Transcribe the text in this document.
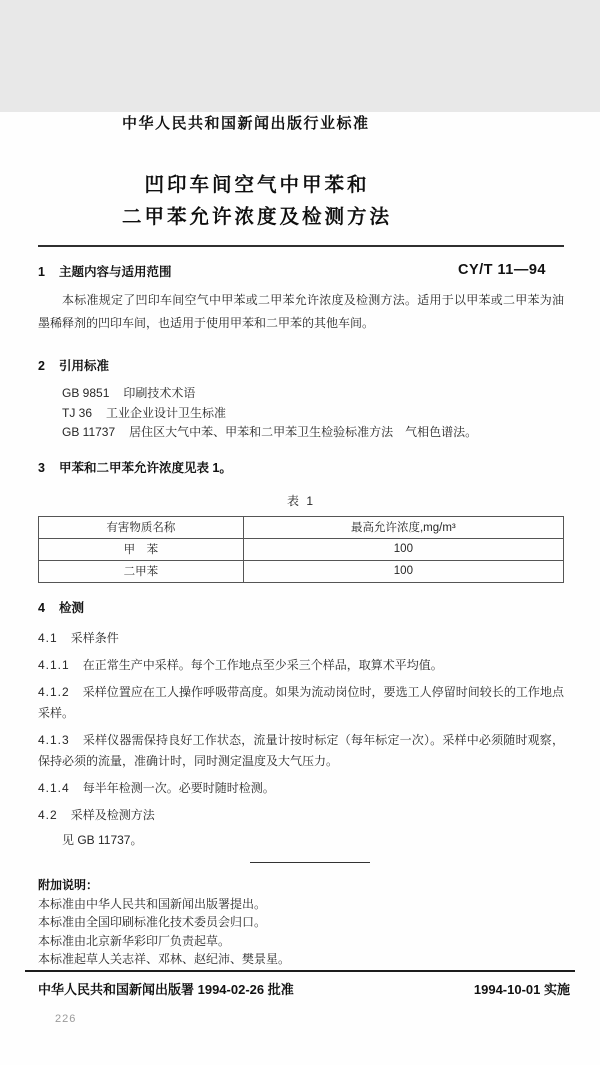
CY/T 11—94
中华人民共和国新闻出版行业标准
凹印车间空气中甲苯和
二甲苯允许浓度及检测方法
1 主题内容与适用范围

本标准规定了凹印车间空气中甲苯或二甲苯允许浓度及检测方法。适用于以甲苯或二甲苯为油墨稀释剂的凹印车间，也适用于使用甲苯和二甲苯的其他车间。

2 引用标准
GB 9851 印刷技术术语
TJ 36 工业企业设计卫生标准
GB 11737 居住区大气中苯、甲苯和二甲苯卫生检验标准方法　气相色谱法。
3 甲苯和二甲苯允许浓度见表 1。
表 1
有害物质名称	最高允许浓度,mg/m³
甲　苯	100
二甲苯	100
4 检测

4.1 采样条件

4.1.1 在正常生产中采样。每个工作地点至少采三个样品，取算术平均值。

4.1.2 采样位置应在工人操作呼吸带高度。如果为流动岗位时，要选工人停留时间较长的工作地点采样。

4.1.3 采样仪器需保持良好工作状态，流量计按时标定（每年标定一次）。采样中必须随时观察，保持必须的流量，准确计时，同时测定温度及大气压力。

4.1.4 每半年检测一次。必要时随时检测。

4.2 采样及检测方法

见 GB 11737。

附加说明：
本标准由中华人民共和国新闻出版署提出。
本标准由全国印刷标准化技术委员会归口。
本标准由北京新华彩印厂负责起草。
本标准起草人关志祥、邓林、赵纪沛、樊景星。
中华人民共和国新闻出版署 1994-02-26 批准	1994-10-01 实施
226
